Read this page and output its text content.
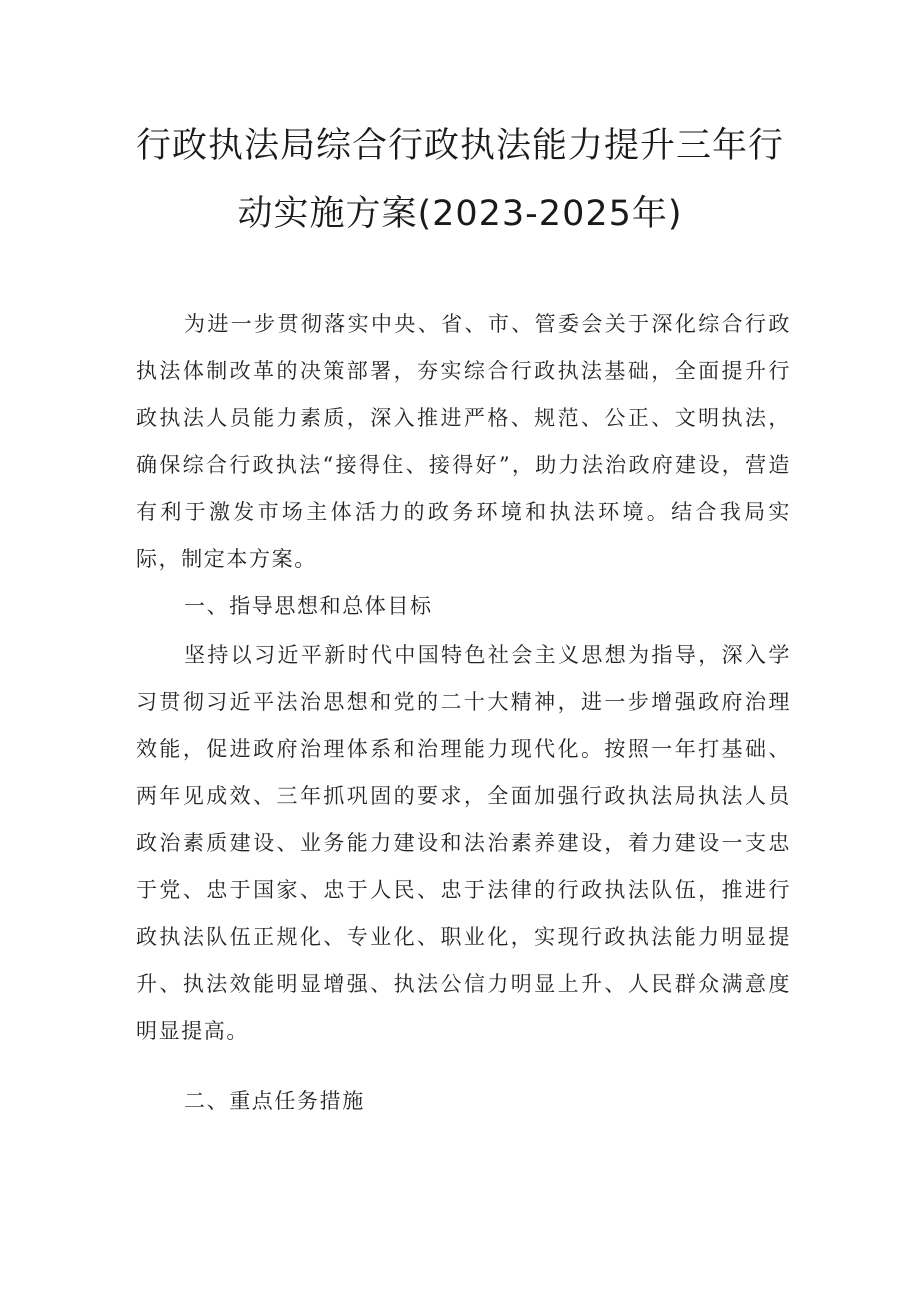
行政执法局综合行政执法能力提升三年行
动实施方案(2023-2025年)
为进一步贯彻落实中央、省、市、管委会关于深化综合行政执法体制改革的决策部署，夯实综合行政执法基础，全面提升行政执法人员能力素质，深入推进严格、规范、公正、文明执法，确保综合行政执法“接得住、接得好”，助力法治政府建设，营造有利于激发市场主体活力的政务环境和执法环境。结合我局实际，制定本方案。
一、指导思想和总体目标
坚持以习近平新时代中国特色社会主义思想为指导，深入学习贯彻习近平法治思想和党的二十大精神，进一步增强政府治理效能，促进政府治理体系和治理能力现代化。按照一年打基础、两年见成效、三年抓巩固的要求，全面加强行政执法局执法人员政治素质建设、业务能力建设和法治素养建设，着力建设一支忠于党、忠于国家、忠于人民、忠于法律的行政执法队伍，推进行政执法队伍正规化、专业化、职业化，实现行政执法能力明显提升、执法效能明显增强、执法公信力明显上升、人民群众满意度明显提高。
二、重点任务措施
